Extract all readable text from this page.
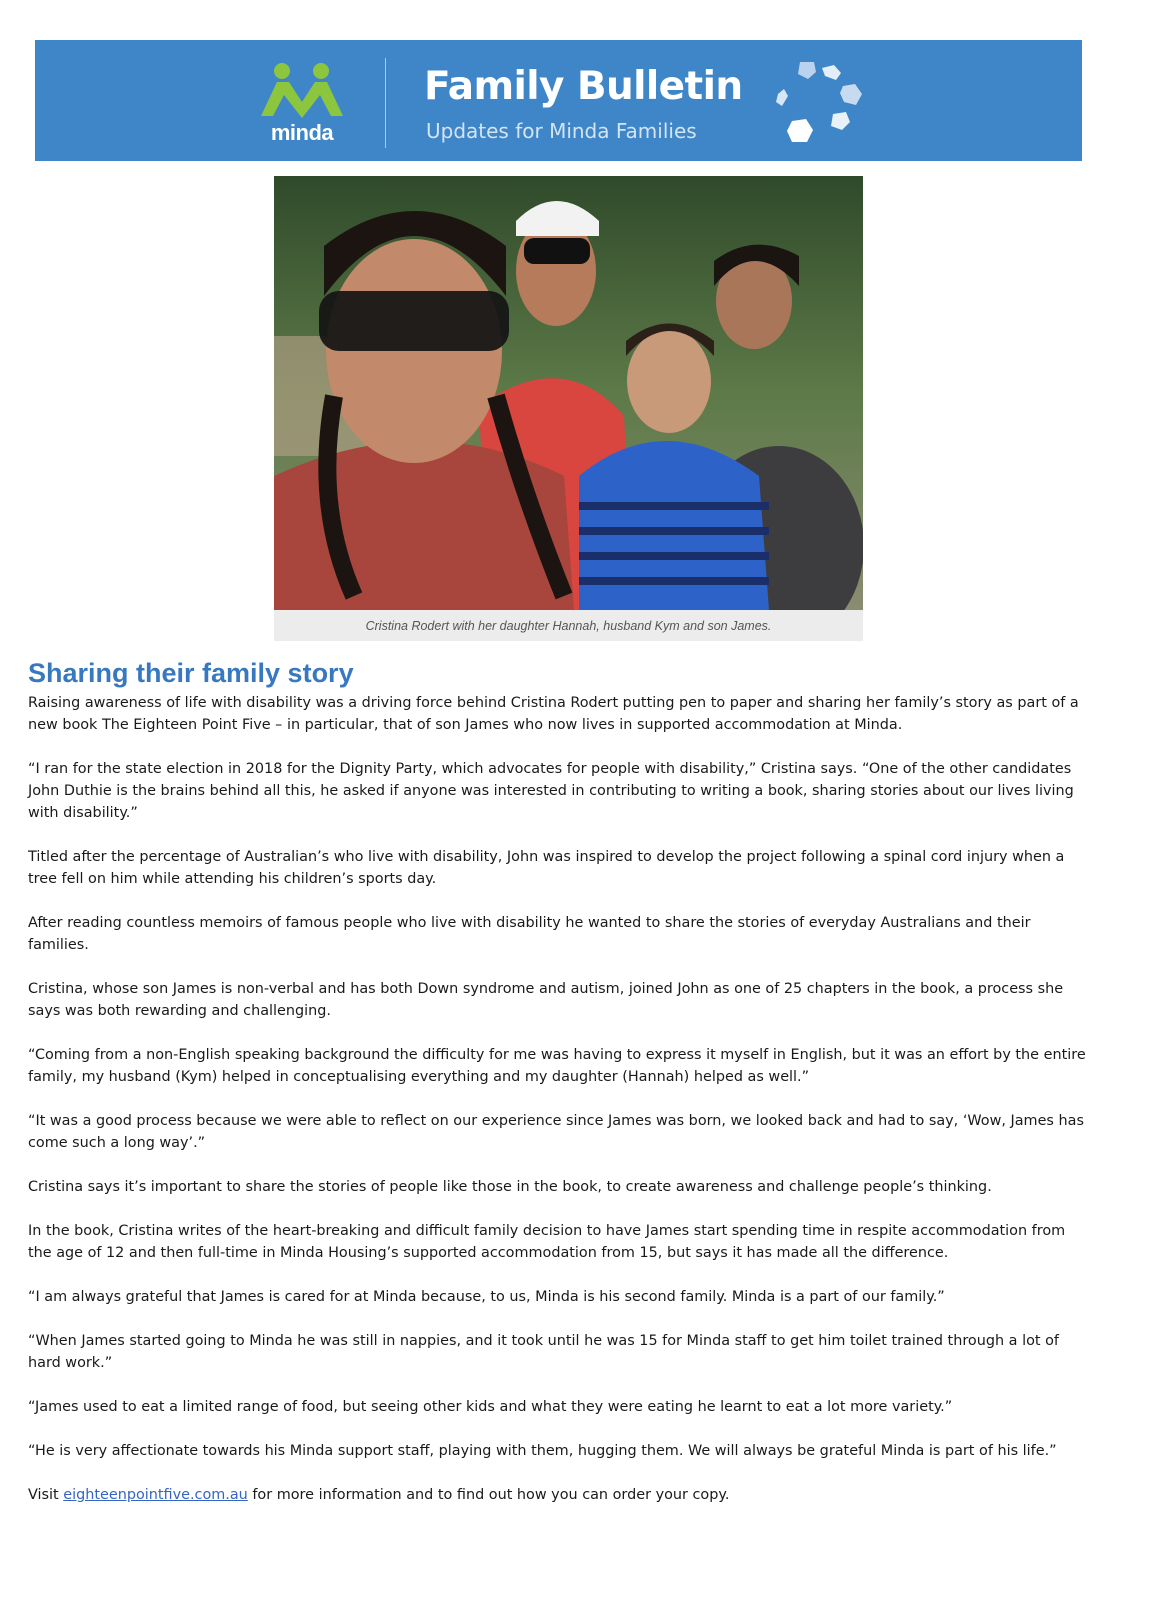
minda
Family Bulletin
Updates for Minda Families
Cristina Rodert with her daughter Hannah, husband Kym and son James.
Sharing their family story

Raising awareness of life with disability was a driving force behind Cristina Rodert putting pen to paper and sharing her family’s story as part of a new book The Eighteen Point Five – in particular, that of son James who now lives in supported accommodation at Minda.

“I ran for the state election in 2018 for the Dignity Party, which advocates for people with disability,” Cristina says. “One of the other candidates John Duthie is the brains behind all this, he asked if anyone was interested in contributing to writing a book, sharing stories about our lives living with disability.”

Titled after the percentage of Australian’s who live with disability, John was inspired to develop the project following a spinal cord injury when a tree fell on him while attending his children’s sports day.

After reading countless memoirs of famous people who live with disability he wanted to share the stories of everyday Australians and their families.

Cristina, whose son James is non-verbal and has both Down syndrome and autism, joined John as one of 25 chapters in the book, a process she says was both rewarding and challenging.

“Coming from a non-English speaking background the difficulty for me was having to express it myself in English, but it was an effort by the entire family, my husband (Kym) helped in conceptualising everything and my daughter (Hannah) helped as well.”

“It was a good process because we were able to reflect on our experience since James was born, we looked back and had to say, ‘Wow, James has come such a long way’.”

Cristina says it’s important to share the stories of people like those in the book, to create awareness and challenge people’s thinking.

In the book, Cristina writes of the heart-breaking and difficult family decision to have James start spending time in respite accommodation from the age of 12 and then full-time in Minda Housing’s supported accommodation from 15, but says it has made all the difference.

“I am always grateful that James is cared for at Minda because, to us, Minda is his second family. Minda is a part of our family.”

“When James started going to Minda he was still in nappies, and it took until he was 15 for Minda staff to get him toilet trained through a lot of hard work.”

“James used to eat a limited range of food, but seeing other kids and what they were eating he learnt to eat a lot more variety.”

“He is very affectionate towards his Minda support staff, playing with them, hugging them. We will always be grateful Minda is part of his life.”

Visit eighteenpointfive.com.au for more information and to find out how you can order your copy.
